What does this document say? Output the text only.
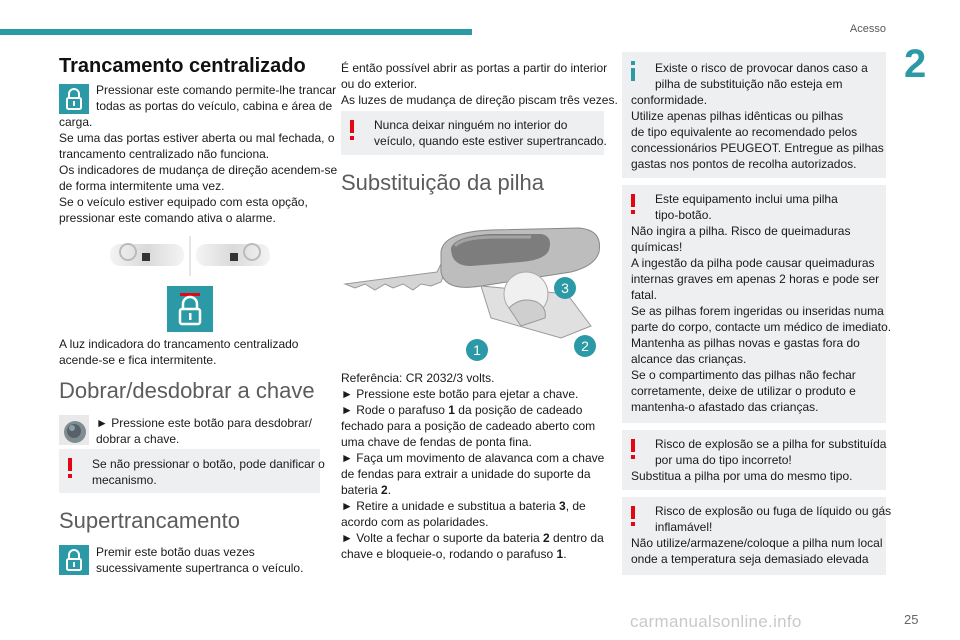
Acesso
2
25
carmanualsonline.info
Trancamento centralizado

Pressionar este comando permite-lhe trancar

todas as portas do veículo, cabina e área de

carga.

Se uma das portas estiver aberta ou mal fechada, o

trancamento centralizado não funciona.

Os indicadores de mudança de direção acendem-se

de forma intermitente uma vez.

Se o veículo estiver equipado com esta opção,

pressionar este comando ativa o alarme.

A luz indicadora do trancamento centralizado

acende-se e fica intermitente.

Dobrar/desdobrar a chave

► Pressione este botão para desdobrar/

dobrar a chave.

Se não pressionar o botão, pode danificar o

mecanismo.

Supertrancamento

Premir este botão duas vezes

sucessivamente supertranca o veículo.

É então possível abrir as portas a partir do interior

ou do exterior.

As luzes de mudança de direção piscam três vezes.

Nunca deixar ninguém no interior do

veículo, quando este estiver supertrancado.

Substituição da pilha
3
1	2

Referência: CR 2032/3 volts.

► Pressione este botão para ejetar a chave.

► Rode o parafuso 1 da posição de cadeado

fechado para a posição de cadeado aberto com

uma chave de fendas de ponta fina.

► Faça um movimento de alavanca com a chave

de fendas para extrair a unidade do suporte da

bateria 2.

► Retire a unidade e substitua a bateria 3, de

acordo com as polaridades.

► Volte a fechar o suporte da bateria 2 dentro da

chave e bloqueie-o, rodando o parafuso 1.

Existe o risco de provocar danos caso a

pilha de substituição não esteja em

conformidade.

Utilize apenas pilhas idênticas ou pilhas

de tipo equivalente ao recomendado pelos

concessionários PEUGEOT. Entregue as pilhas

gastas nos pontos de recolha autorizados.

Este equipamento inclui uma pilha

tipo-botão.

Não ingira a pilha. Risco de queimaduras

químicas!

A ingestão da pilha pode causar queimaduras

internas graves em apenas 2 horas e pode ser

fatal.

Se as pilhas forem ingeridas ou inseridas numa

parte do corpo, contacte um médico de imediato.

Mantenha as pilhas novas e gastas fora do

alcance das crianças.

Se o compartimento das pilhas não fechar

corretamente, deixe de utilizar o produto e

mantenha-o afastado das crianças.

Risco de explosão se a pilha for substituída

por uma do tipo incorreto!

Substitua a pilha por uma do mesmo tipo.

Risco de explosão ou fuga de líquido ou gás

inflamável!

Não utilize/armazene/coloque a pilha num local

onde a temperatura seja demasiado elevada
